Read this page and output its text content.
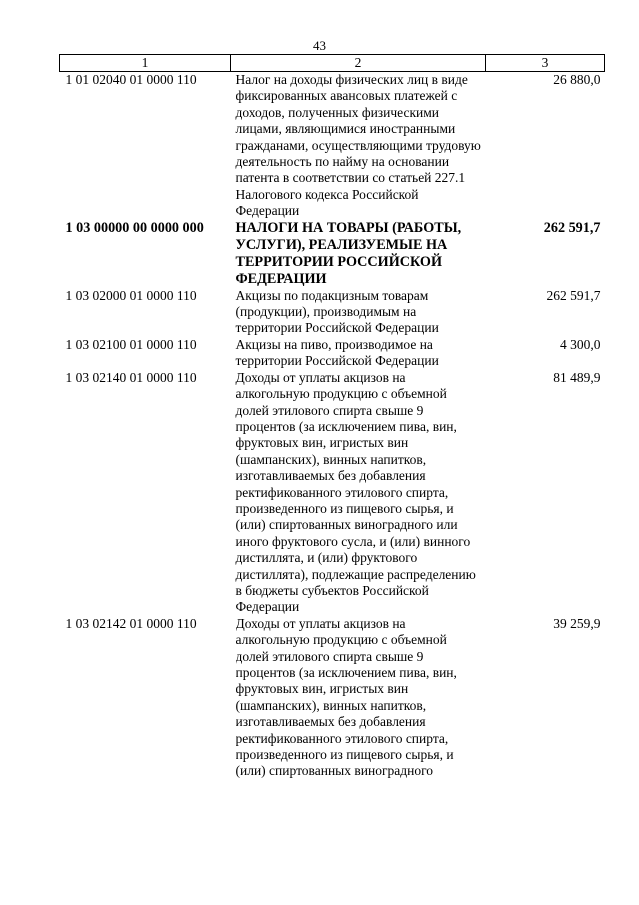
43
1	2	3
1 01 02040 01 0000 110	Налог на доходы физических лиц в виде фиксированных авансовых платежей с доходов, полученных физическими лицами, являющимися иностранными гражданами, осуществляющими трудовую деятельность по найму на основании патента в соответствии со статьей 227.1 Налогового кодекса Российской Федерации	26 880,0
1 03 00000 00 0000 000	НАЛОГИ НА ТОВАРЫ (РАБОТЫ, УСЛУГИ), РЕАЛИЗУЕМЫЕ НА ТЕРРИТОРИИ РОССИЙСКОЙ ФЕДЕРАЦИИ	262 591,7
1 03 02000 01 0000 110	Акцизы по подакцизным товарам (продукции), производимым на территории Российской Федерации	262 591,7
1 03 02100 01 0000 110	Акцизы на пиво, производимое на территории Российской Федерации	4 300,0
1 03 02140 01 0000 110	Доходы от уплаты акцизов на алкогольную продукцию с объемной долей этилового спирта свыше 9 процентов (за исключением пива, вин, фруктовых вин, игристых вин (шампанских), винных напитков, изготавливаемых без добавления ректификованного этилового спирта, произведенного из пищевого сырья, и (или) спиртованных виноградного или иного фруктового сусла, и (или) винного дистиллята, и (или) фруктового дистиллята), подлежащие распределению в бюджеты субъектов Российской Федерации	81 489,9
1 03 02142 01 0000 110	Доходы от уплаты акцизов на алкогольную продукцию с объемной долей этилового спирта свыше 9 процентов (за исключением пива, вин, фруктовых вин, игристых вин (шампанских), винных напитков, изготавливаемых без добавления ректификованного этилового спирта, произведенного из пищевого сырья, и (или) спиртованных виноградного	39 259,9
